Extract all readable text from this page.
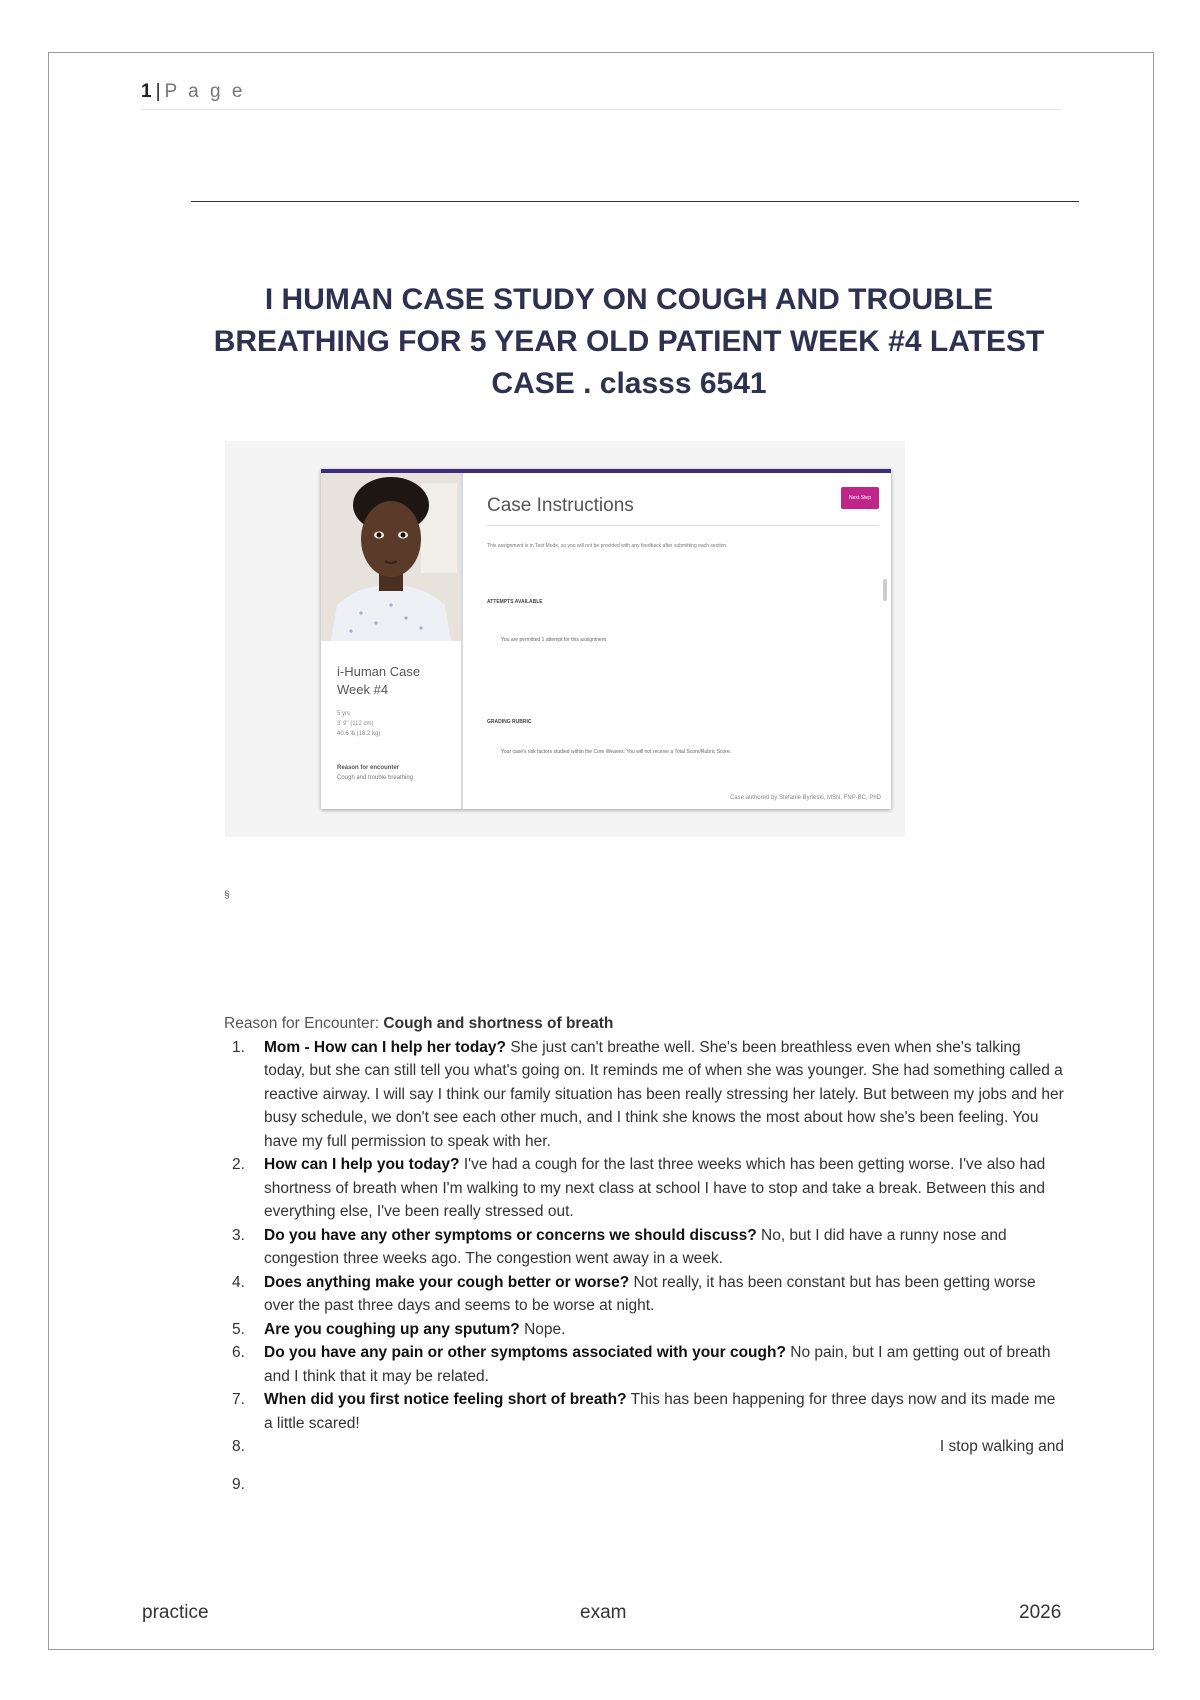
1 | P a g e
I HUMAN CASE STUDY ON COUGH AND TROUBLE
BREATHING FOR 5 YEAR OLD PATIENT WEEK #4 LATEST
CASE . classs 6541
i-Human Case Week #4
5 yrs
3' 9" (112 cm)
40.6 lb (18.2 kg)
Reason for encounter
Cough and trouble breathing
Case Instructions	Next Step
This assignment is in Test Mode, so you will not be provided with any feedback after submitting each section.
ATTEMPTS AVAILABLE
You are permitted 1 attempt for this assignment.
GRADING RUBRIC
Your case's risk factors studied within the Core Weaves: You will not receive a Total Score/Rubric Score.
Case authored by Stefanie Byrleski, MSN, FNP-BC, PhD
§

Reason for Encounter: Cough and shortness of breath

1. Mom - How can I help her today? She just can't breathe well. She's been breathless even when she's talking today, but she can still tell you what's going on. It reminds me of when she was younger. She had something called a reactive airway. I will say I think our family situation has been really stressing her lately. But between my jobs and her busy schedule, we don't see each other much, and I think she knows the most about how she's been feeling. You have my full permission to speak with her.
2. How can I help you today? I've had a cough for the last three weeks which has been getting worse. I've also had shortness of breath when I'm walking to my next class at school I have to stop and take a break. Between this and everything else, I've been really stressed out.
3. Do you have any other symptoms or concerns we should discuss? No, but I did have a runny nose and congestion three weeks ago. The congestion went away in a week.
4. Does anything make your cough better or worse? Not really, it has been constant but has been getting worse over the past three days and seems to be worse at night.
5. Are you coughing up any sputum? Nope.
6. Do you have any pain or other symptoms associated with your cough? No pain, but I am getting out of breath and I think that it may be related.
7. When did you first notice feeling short of breath? This has been happening for three days now and its made me a little scared!
8.	I stop walking and
9.

practice	exam	2026
